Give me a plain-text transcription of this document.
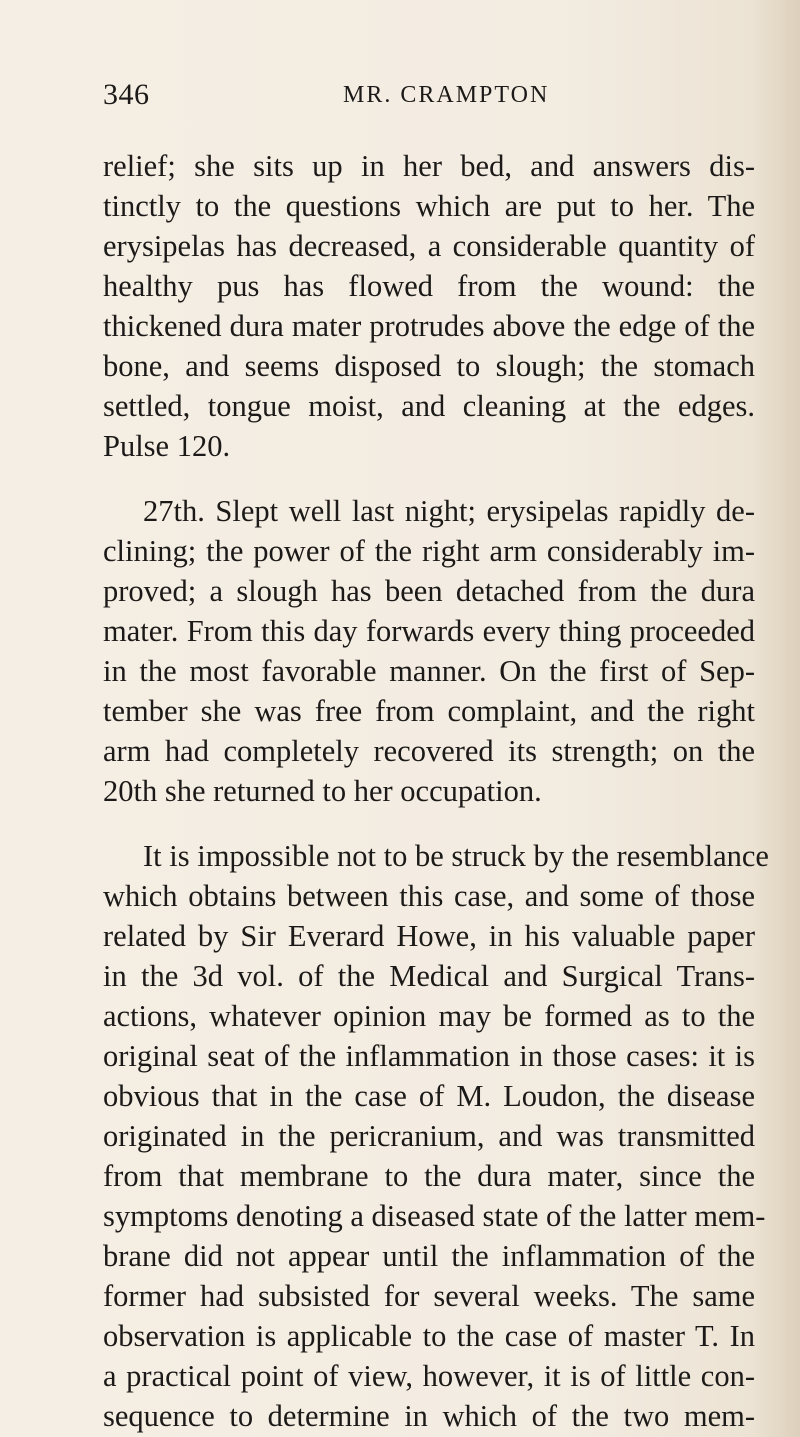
346	MR. CRAMPTON
relief; she sits up in her bed, and answers dis-
tinctly to the questions which are put to her. The
erysipelas has decreased, a considerable quantity of
healthy pus has flowed from the wound: the
thickened dura mater protrudes above the edge of the
bone, and seems disposed to slough; the stomach
settled, tongue moist, and cleaning at the edges.
Pulse 120.
27th. Slept well last night; erysipelas rapidly de-
clining; the power of the right arm considerably im-
proved; a slough has been detached from the dura
mater. From this day forwards every thing proceeded
in the most favorable manner. On the first of Sep-
tember she was free from complaint, and the right
arm had completely recovered its strength; on the
20th she returned to her occupation.
It is impossible not to be struck by the resemblance
which obtains between this case, and some of those
related by Sir Everard Howe, in his valuable paper
in the 3d vol. of the Medical and Surgical Trans-
actions, whatever opinion may be formed as to the
original seat of the inflammation in those cases: it is
obvious that in the case of M. Loudon, the disease
originated in the pericranium, and was transmitted
from that membrane to the dura mater, since the
symptoms denoting a diseased state of the latter mem-
brane did not appear until the inflammation of the
former had subsisted for several weeks. The same
observation is applicable to the case of master T. In
a practical point of view, however, it is of little con-
sequence to determine in which of the two mem-
